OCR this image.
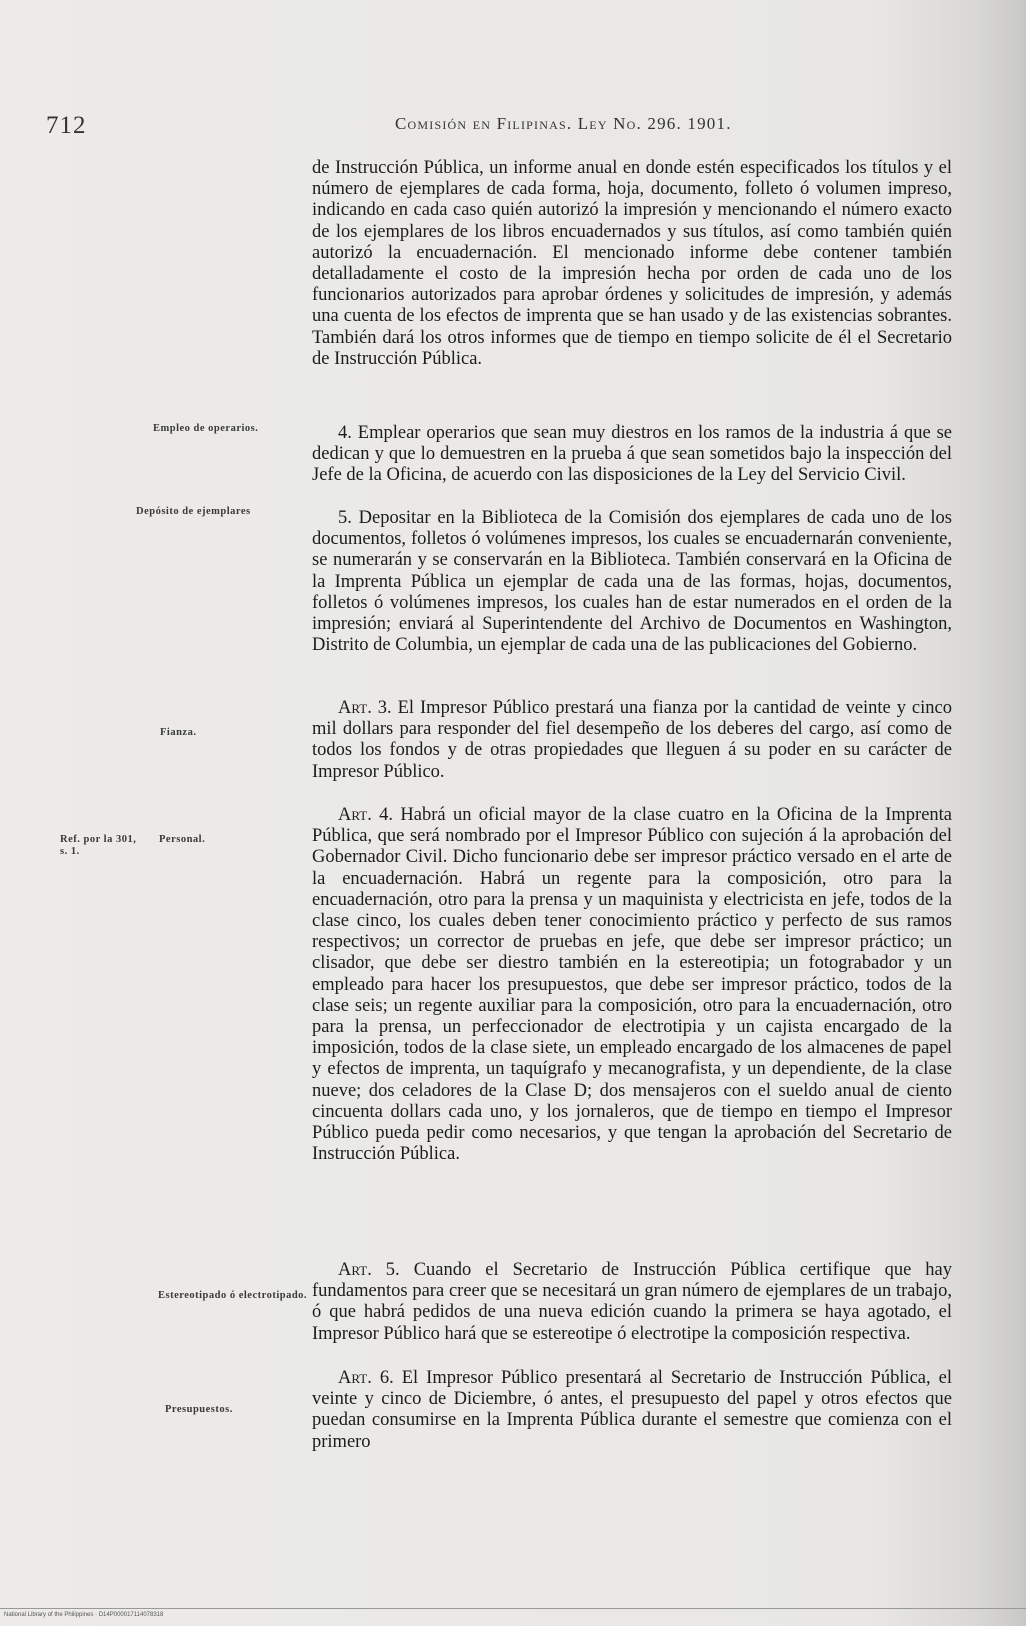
712	Comisión en Filipinas. Ley No. 296. 1901.
Empleo de operarios.
Depósito de ejemplares
Fianza.
Ref. por la 301, s. 1.
Personal.
Estereotipado ó electrotipado.
Presupuestos.

de Instrucción Pública, un informe anual en donde estén especificados los títulos y el número de ejemplares de cada forma, hoja, documento, folleto ó volumen impreso, indicando en cada caso quién autorizó la impresión y mencionando el número exacto de los ejemplares de los libros encuadernados y sus títulos, así como también quién autorizó la encuadernación. El mencionado informe debe contener también detalladamente el costo de la impresión hecha por orden de cada uno de los funcionarios autorizados para aprobar órdenes y solicitudes de impresión, y además una cuenta de los efectos de imprenta que se han usado y de las existencias sobrantes. También dará los otros informes que de tiempo en tiempo solicite de él el Secretario de Instrucción Pública.

4. Emplear operarios que sean muy diestros en los ramos de la industria á que se dedican y que lo demuestren en la prueba á que sean sometidos bajo la inspección del Jefe de la Oficina, de acuerdo con las disposiciones de la Ley del Servicio Civil.

5. Depositar en la Biblioteca de la Comisión dos ejemplares de cada uno de los documentos, folletos ó volúmenes impresos, los cuales se encuadernarán conveniente, se numerarán y se conservarán en la Biblioteca. También conservará en la Oficina de la Imprenta Pública un ejemplar de cada una de las formas, hojas, documentos, folletos ó volúmenes impresos, los cuales han de estar numerados en el orden de la impresión; enviará al Superintendente del Archivo de Documentos en Washington, Distrito de Columbia, un ejemplar de cada una de las publicaciones del Gobierno.

Art. 3. El Impresor Público prestará una fianza por la cantidad de veinte y cinco mil dollars para responder del fiel desempeño de los deberes del cargo, así como de todos los fondos y de otras propiedades que lleguen á su poder en su carácter de Impresor Público.

Art. 4. Habrá un oficial mayor de la clase cuatro en la Oficina de la Imprenta Pública, que será nombrado por el Impresor Público con sujeción á la aprobación del Gobernador Civil. Dicho funcionario debe ser impresor práctico versado en el arte de la encuadernación. Habrá un regente para la composición, otro para la encuadernación, otro para la prensa y un maquinista y electricista en jefe, todos de la clase cinco, los cuales deben tener conocimiento práctico y perfecto de sus ramos respectivos; un corrector de pruebas en jefe, que debe ser impresor práctico; un clisador, que debe ser diestro también en la estereotipia; un fotograbador y un empleado para hacer los presupuestos, que debe ser impresor práctico, todos de la clase seis; un regente auxiliar para la composición, otro para la encuadernación, otro para la prensa, un perfeccionador de electrotipia y un cajista encargado de la imposición, todos de la clase siete, un empleado encargado de los almacenes de papel y efectos de imprenta, un taquígrafo y mecanografista, y un dependiente, de la clase nueve; dos celadores de la Clase D; dos mensajeros con el sueldo anual de ciento cincuenta dollars cada uno, y los jornaleros, que de tiempo en tiempo el Impresor Público pueda pedir como necesarios, y que tengan la aprobación del Secretario de Instrucción Pública.

Art. 5. Cuando el Secretario de Instrucción Pública certifique que hay fundamentos para creer que se necesitará un gran número de ejemplares de un trabajo, ó que habrá pedidos de una nueva edición cuando la primera se haya agotado, el Impresor Público hará que se estereotipe ó electrotipe la composición respectiva.

Art. 6. El Impresor Público presentará al Secretario de Instrucción Pública, el veinte y cinco de Diciembre, ó antes, el presupuesto del papel y otros efectos que puedan consumirse en la Imprenta Pública durante el semestre que comienza con el primero

National Library of the Philippines · D14P000017114078318
